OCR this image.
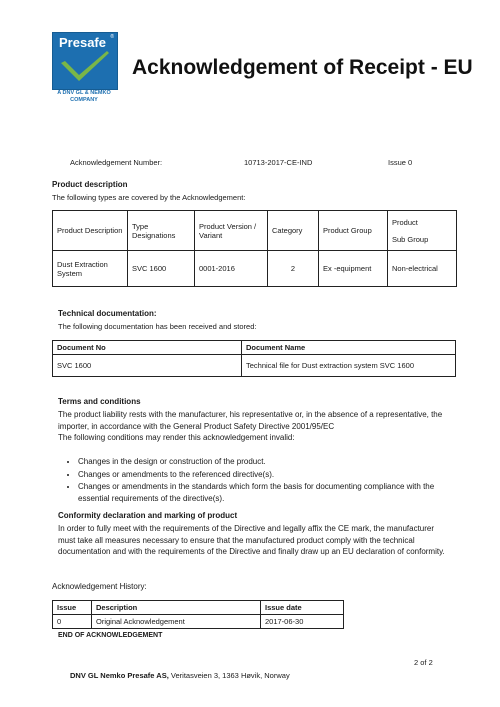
Presafe ®
A DNV GL & NEMKO COMPANY
Acknowledgement of Receipt - EU
Acknowledgement Number:	10713-2017-CE-IND	Issue 0
Product description
The following types are covered by the Acknowledgement:
Product Description	Type Designations	Product Version / Variant	Category	Product Group	Product
Sub Group

Dust Extraction System	SVC 1600	0001-2016	2	Ex -equipment	Non-electrical
Technical documentation:
The following documentation has been received and stored:
Document No	Document Name
SVC 1600	Technical file for Dust extraction system SVC 1600
Terms and conditions
The product liability rests with the manufacturer, his representative or, in the absence of a representative, the importer, in accordance with the General Product Safety Directive 2001/95/EC
The following conditions may render this acknowledgement invalid:
• Changes in the design or construction of the product.
• Changes or amendments to the referenced directive(s).
• Changes or amendments in the standards which form the basis for documenting compliance with the essential requirements of the directive(s).
Conformity declaration and marking of product
In order to fully meet with the requirements of the Directive and legally affix the CE mark, the manufacturer must take all measures necessary to ensure that the manufactured product comply with the technical documentation and with the requirements of the Directive and finally draw up an EU declaration of conformity.
Acknowledgement History:
Issue	Description	Issue date
0	Original Acknowledgement	2017-06-30
END OF ACKNOWLEDGEMENT
2 of 2
DNV GL Nemko Presafe AS, Veritasveien 3, 1363 Høvik, Norway
